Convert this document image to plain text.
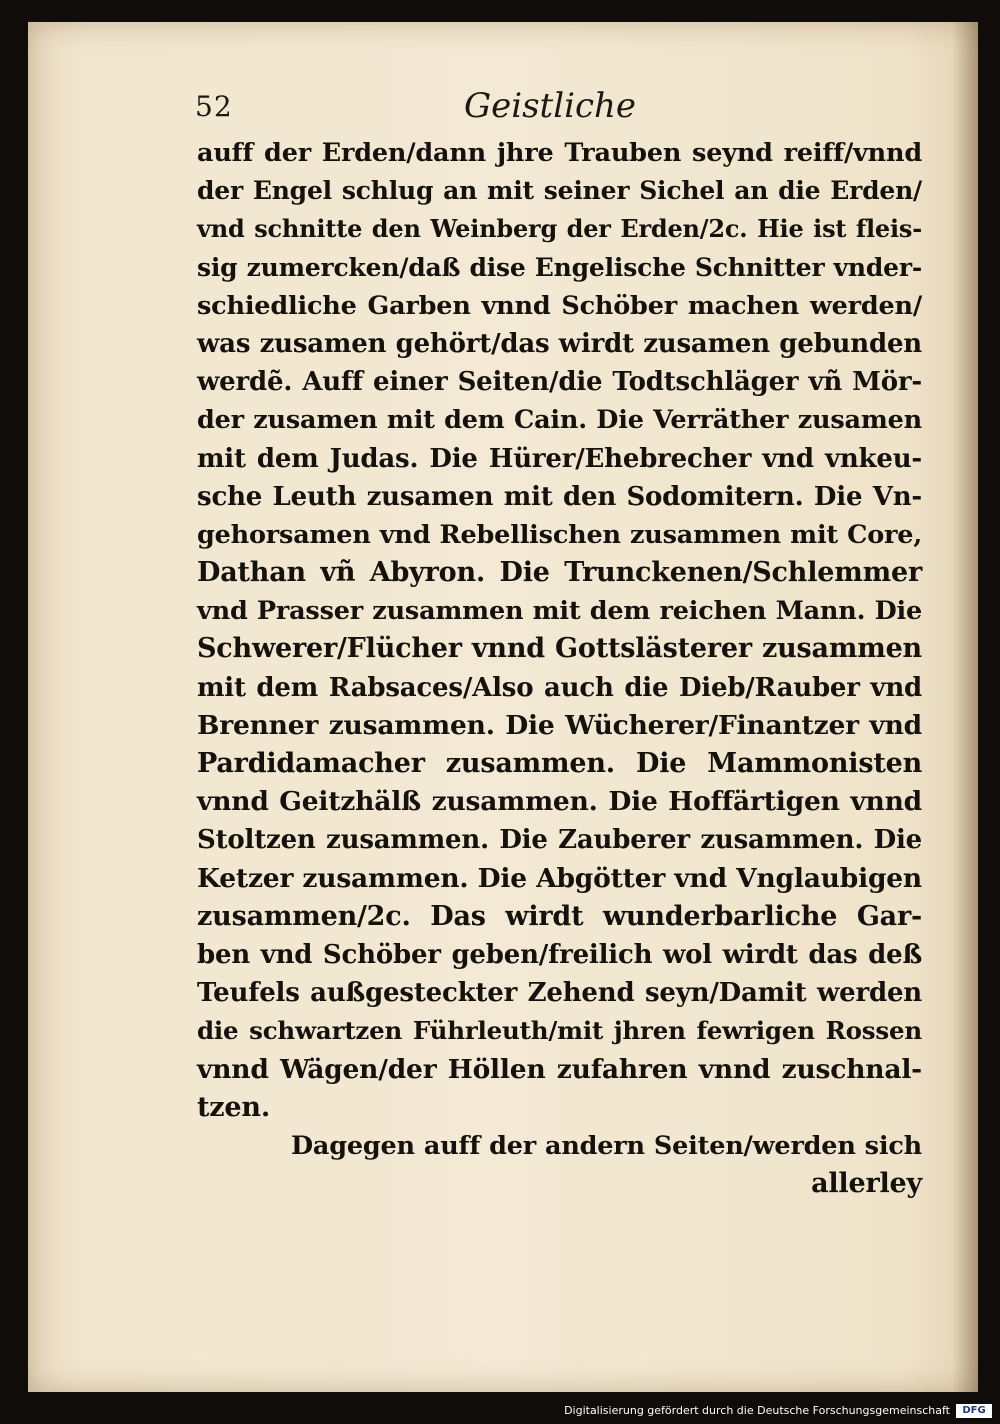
52	Geistliche
auff der Erden/dann jhre Trauben seynd reiff/vnnd
der Engel schlug an mit seiner Sichel an die Erden/
vnd schnitte den Weinberg der Erden/2c. Hie ist fleis-
sig zumercken/daß dise Engelische Schnitter vnder-
schiedliche Garben vnnd Schöber machen werden/
was zusamen gehört/das wirdt zusamen gebunden
werdẽ. Auff einer Seiten/die Todtschläger vñ Mör-
der zusamen mit dem Cain. Die Verräther zusamen
mit dem Judas. Die Hürer/Ehebrecher vnd vnkeu-
sche Leuth zusamen mit den Sodomitern. Die Vn-
gehorsamen vnd Rebellischen zusammen mit Core,
Dathan vñ Abyron. Die Trunckenen/Schlemmer
vnd Prasser zusammen mit dem reichen Mann. Die
Schwerer/Flücher vnnd Gottslästerer zusammen
mit dem Rabsaces/Also auch die Dieb/Rauber vnd
Brenner zusammen. Die Wücherer/Finantzer vnd
Pardidamacher zusammen. Die Mammonisten
vnnd Geitzhälß zusammen. Die Hoffärtigen vnnd
Stoltzen zusammen. Die Zauberer zusammen. Die
Ketzer zusammen. Die Abgötter vnd Vnglaubigen
zusammen/2c. Das wirdt wunderbarliche Gar-
ben vnd Schöber geben/freilich wol wirdt das deß
Teufels außgesteckter Zehend seyn/Damit werden
die schwartzen Führleuth/mit jhren fewrigen Rossen
vnnd Wägen/der Höllen zufahren vnnd zuschnal-
tzen.
Dagegen auff der andern Seiten/werden sich
allerley
Digitalisierung gefördert durch die Deutsche Forschungsgemeinschaft	DFG
